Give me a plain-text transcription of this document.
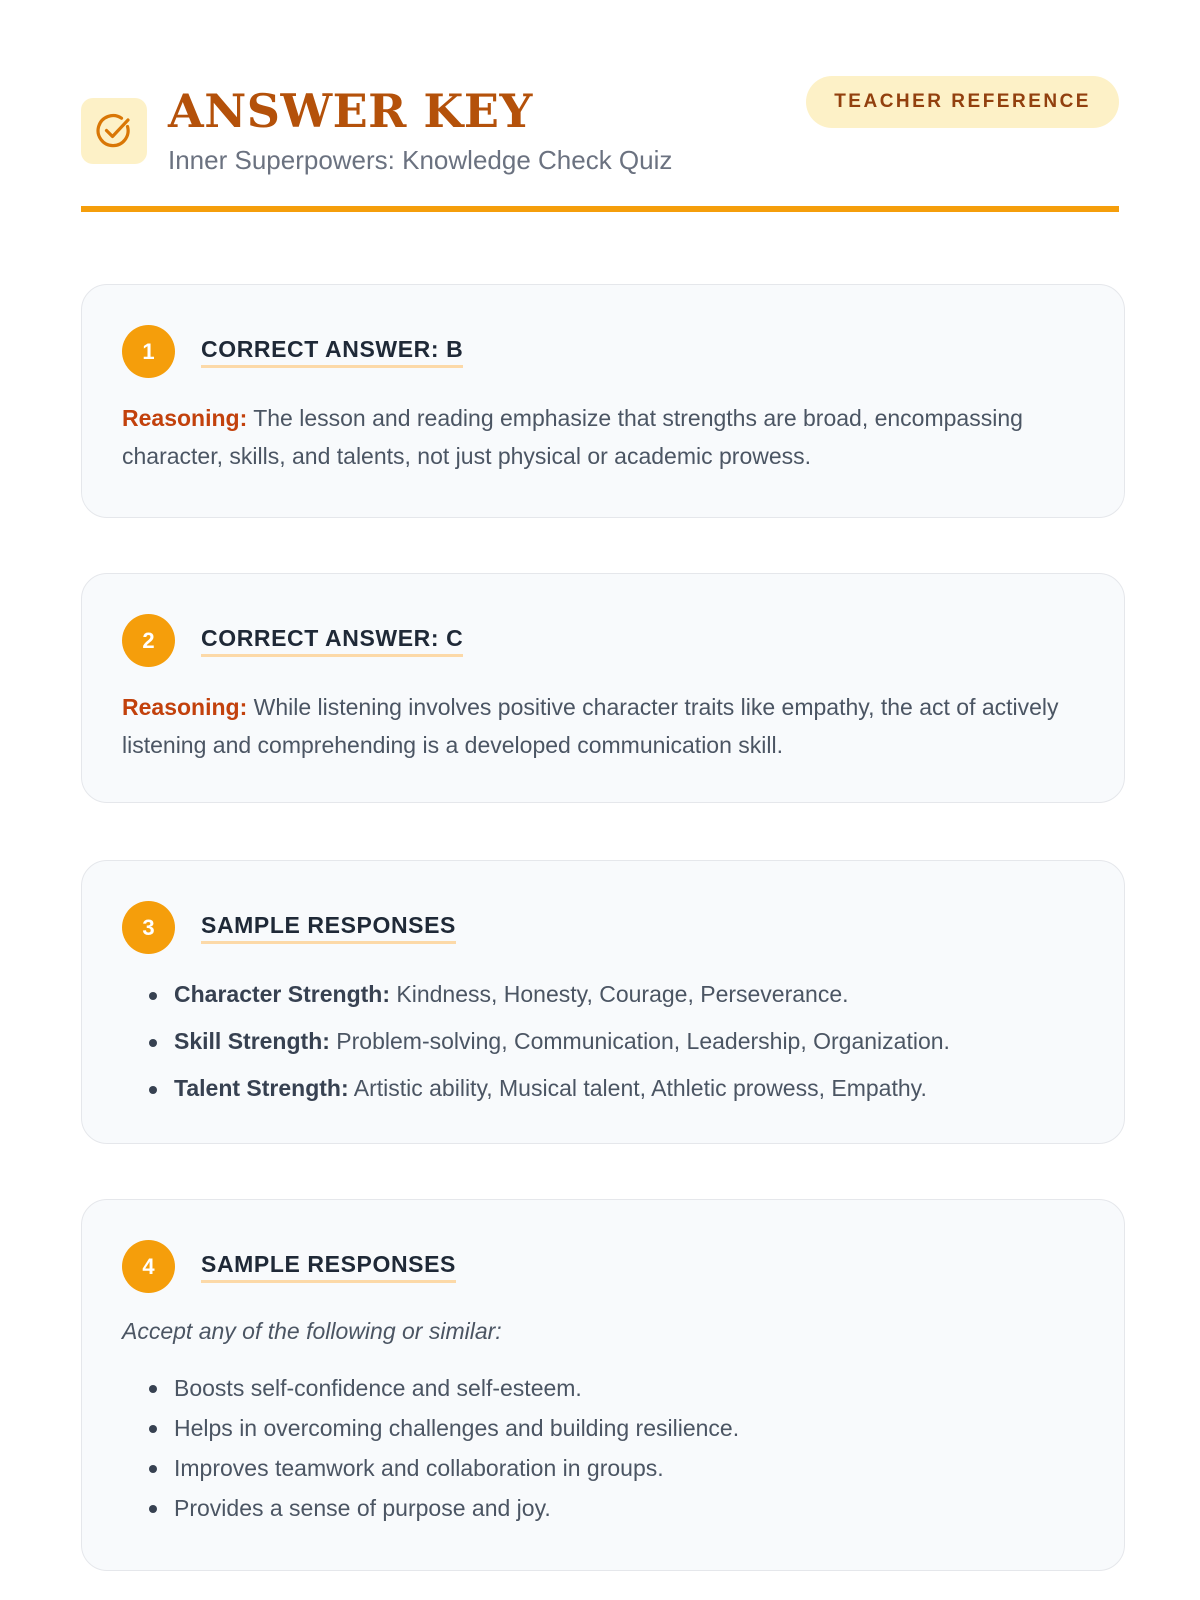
ANSWER KEY
Inner Superpowers: Knowledge Check Quiz
TEACHER REFERENCE
1	CORRECT ANSWER: B
Reasoning: The lesson and reading emphasize that strengths are broad, encompassing character, skills, and talents, not just physical or academic prowess.
2	CORRECT ANSWER: C
Reasoning: While listening involves positive character traits like empathy, the act of actively listening and comprehending is a developed communication skill.
3	SAMPLE RESPONSES
Character Strength: Kindness, Honesty, Courage, Perseverance.
Skill Strength: Problem-solving, Communication, Leadership, Organization.
Talent Strength: Artistic ability, Musical talent, Athletic prowess, Empathy.
4	SAMPLE RESPONSES
Accept any of the following or similar:
Boosts self-confidence and self-esteem.
Helps in overcoming challenges and building resilience.
Improves teamwork and collaboration in groups.
Provides a sense of purpose and joy.
